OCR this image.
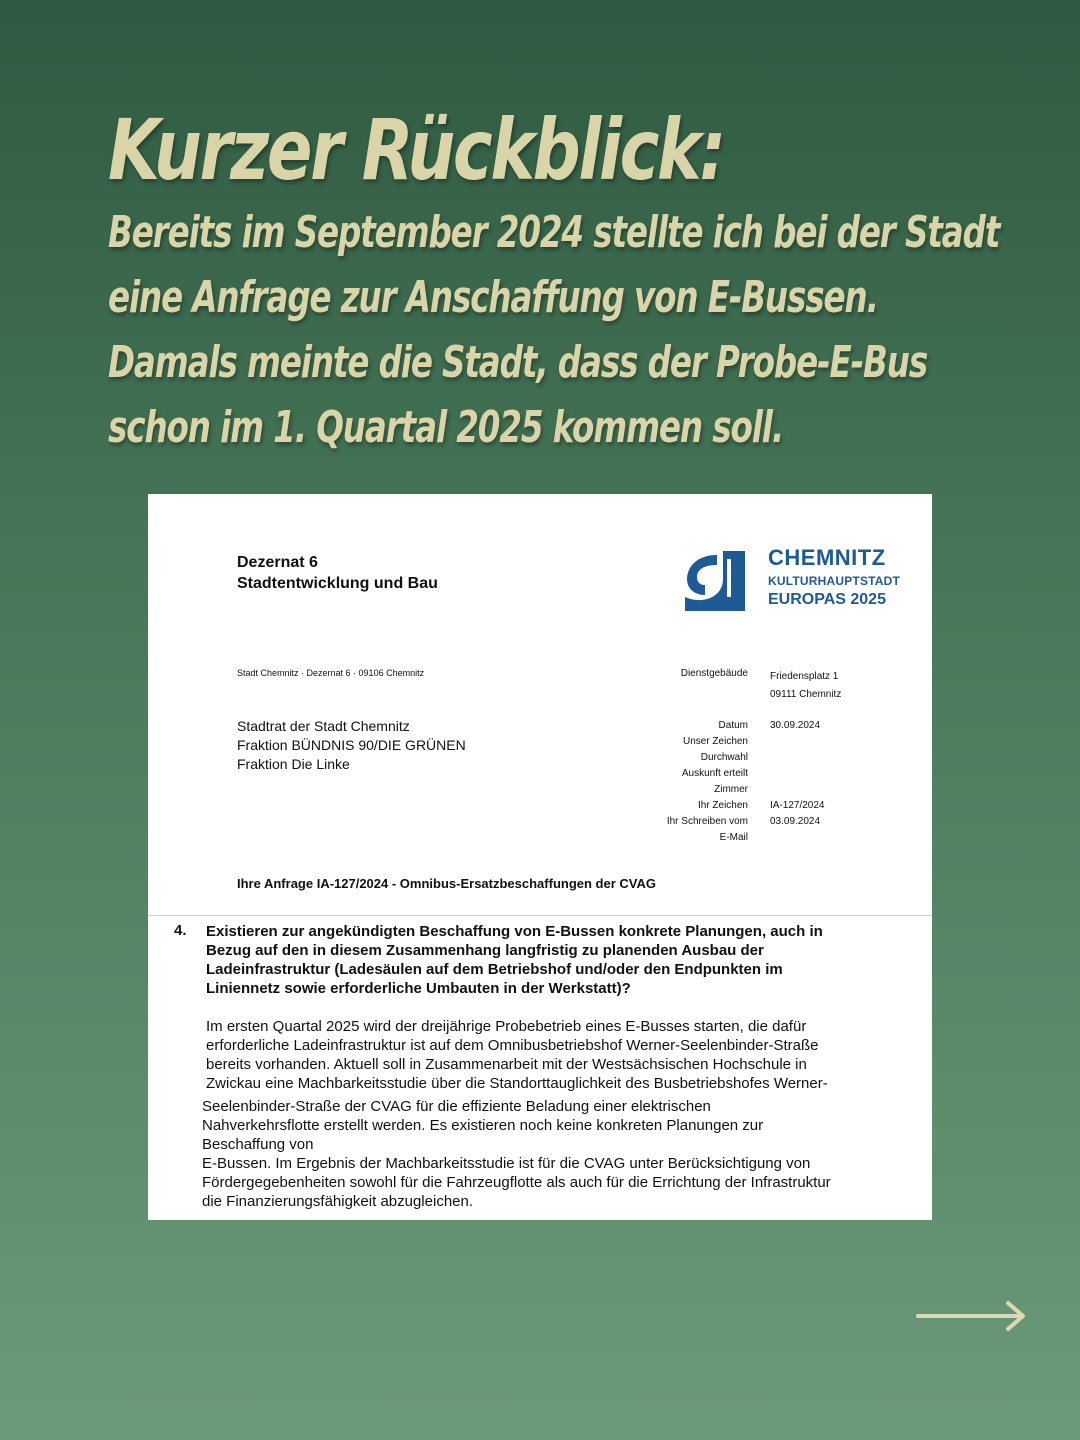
Kurzer Rückblick:
Bereits im September 2024 stellte ich bei der Stadt
eine Anfrage zur Anschaffung von E-Bussen.
Damals meinte die Stadt, dass der Probe-E-Bus
schon im 1. Quartal 2025 kommen soll.
Dezernat 6
Stadtentwicklung und Bau
CHEMNITZ
KULTURHAUPTSTADT
EUROPAS 2025
Stadt Chemnitz · Dezernat 6 · 09106 Chemnitz	Dienstgebäude Friedensplatz 1
09111 Chemnitz
Stadtrat der Stadt Chemnitz
Fraktion BÜNDNIS 90/DIE GRÜNEN
Fraktion Die Linke
Datum
Unser Zeichen
Durchwahl
Auskunft erteilt
Zimmer
Ihr Zeichen
Ihr Schreiben vom
E-Mail
30.09.2024

IA-127/2024
03.09.2024
Ihre Anfrage IA-127/2024 - Omnibus-Ersatzbeschaffungen der CVAG
4. Existieren zur angekündigten Beschaffung von E-Bussen konkrete Planungen, auch in
Bezug auf den in diesem Zusammenhang langfristig zu planenden Ausbau der
Ladeinfrastruktur (Ladesäulen auf dem Betriebshof und/oder den Endpunkten im
Liniennetz sowie erforderliche Umbauten in der Werkstatt)?
Im ersten Quartal 2025 wird der dreijährige Probebetrieb eines E-Busses starten, die dafür
erforderliche Ladeinfrastruktur ist auf dem Omnibusbetriebshof Werner-Seelenbinder-Straße
bereits vorhanden. Aktuell soll in Zusammenarbeit mit der Westsächsischen Hochschule in
Zwickau eine Machbarkeitsstudie über die Standorttauglichkeit des Busbetriebshofes Werner-
Seelenbinder-Straße der CVAG für die effiziente Beladung einer elektrischen
Nahverkehrsflotte erstellt werden. Es existieren noch keine konkreten Planungen zur
Beschaffung von
E-Bussen. Im Ergebnis der Machbarkeitsstudie ist für die CVAG unter Berücksichtigung von
Fördergegebenheiten sowohl für die Fahrzeugflotte als auch für die Errichtung der Infrastruktur
die Finanzierungsfähigkeit abzugleichen.
